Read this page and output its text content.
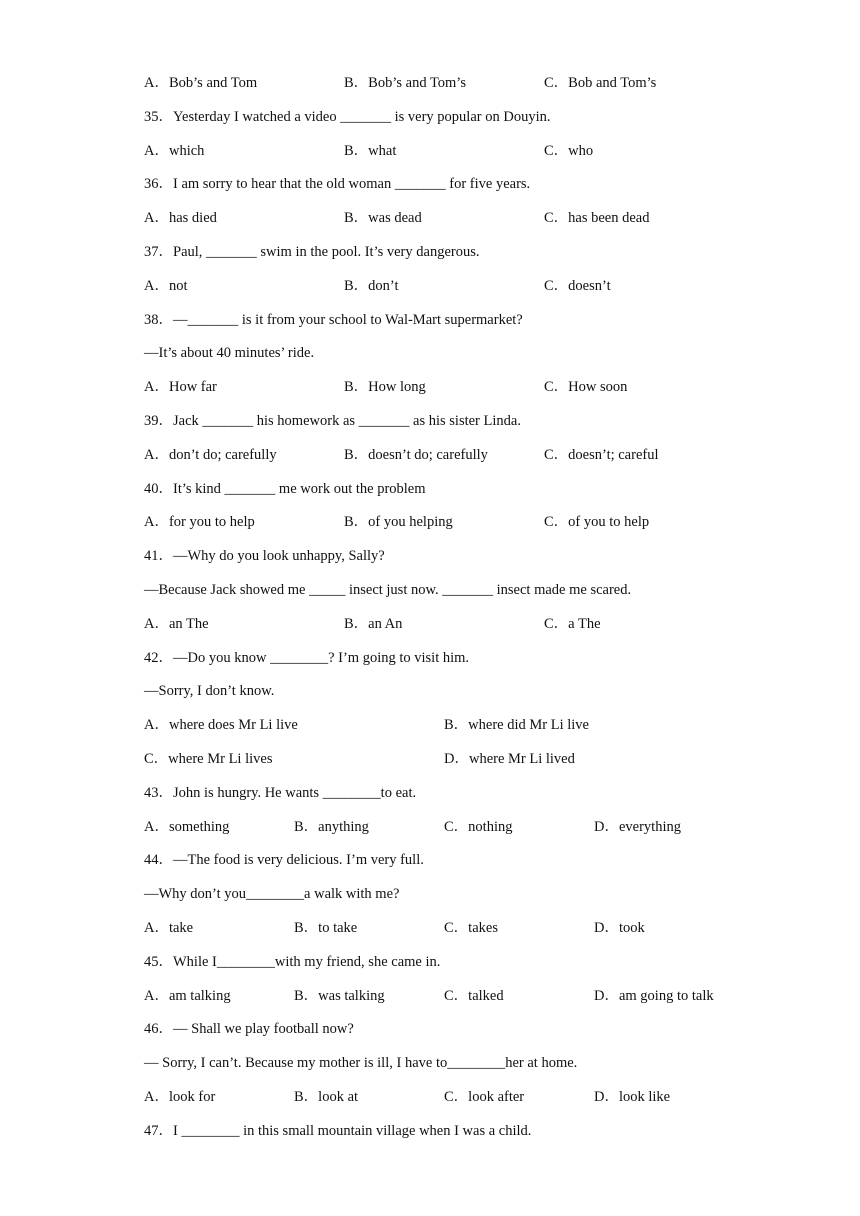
A．Bob’s and Tom	B．Bob’s and Tom’s	C．Bob and Tom’s
35．Yesterday I watched a video _______ is very popular on Douyin.
A．which	B．what	C．who
36．I am sorry to hear that the old woman _______ for five years.
A．has died	B．was dead	C．has been dead
37．Paul, _______ swim in the pool. It’s very dangerous.
A．not	B．don’t	C．doesn’t
38．—_______ is it from your school to Wal-Mart supermarket?
—It’s about 40 minutes’ ride.
A．How far	B．How long	C．How soon
39．Jack _______ his homework as _______ as his sister Linda.
A．don’t do; carefully	B．doesn’t do; carefully	C．doesn’t; careful
40．It’s kind _______ me work out the problem
A．for you to help	B．of you helping	C．of you to help
41．—Why do you look unhappy, Sally?
—Because Jack showed me _____ insect just now. _______ insect made me scared.
A．an The	B．an An	C．a The
42．—Do you know ________? I’m going to visit him.
—Sorry, I don’t know.
A．where does Mr Li live	B．where did Mr Li live
C．where Mr Li lives	D．where Mr Li lived
43．John is hungry. He wants ________to eat.
A．something	B．anything	C．nothing	D．everything
44．—The food is very delicious. I’m very full.
—Why don’t you________a walk with me?
A．take	B．to take	C．takes	D．took
45．While I________with my friend, she came in.
A．am talking	B．was talking	C．talked	D．am going to talk
46．— Shall we play football now?
— Sorry, I can’t. Because my mother is ill, I have to________her at home.
A．look for	B．look at	C．look after	D．look like
47．I ________ in this small mountain village when I was a child.
